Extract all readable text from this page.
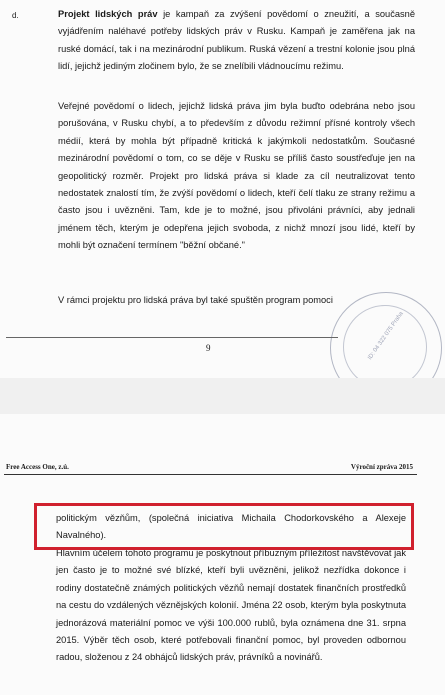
d.	Projekt lidských práv je kampaň za zvýšení povědomí o zneužití, a současně vyjádřením naléhavé potřeby lidských práv v Rusku. Kampaň je zaměřena jak na ruské domácí, tak i na mezinárodní publikum. Ruská vězení a trestní kolonie jsou plná lidí, jejichž jediným zločinem bylo, že se znelíbili vládnoucímu režimu.

Veřejné povědomí o lidech, jejichž lidská práva jim byla buďto odebrána nebo jsou porušována, v Rusku chybí, a to především z důvodu režimní přísné kontroly všech médií, která by mohla být případně kritická k jakýmkoli nedostatkům. Současné mezinárodní povědomí o tom, co se děje v Rusku se příliš často soustřeďuje jen na geopolitický rozměr. Projekt pro lidská práva si klade za cíl neutralizovat tento nedostatek znalostí tím, že zvýší povědomí o lidech, kteří čelí tlaku ze strany režimu a často jsou i uvězněni. Tam, kde je to možné, jsou přivoláni právníci, aby jednali jménem těch, kterým je odepřena jejich svoboda, z nichž mnozí jsou lidé, kteří by mohli být označení termínem "běžní občané."

V rámci projektu pro lidská práva byl také spuštěn program pomoci

ID: 04 322 075 Praha
9
Free Access One, z.ú.	Výroční zpráva 2015

politickým vězňům, (společná iniciativa Michaila Chodorkovského a Alexeje Navalného).

Hlavním účelem tohoto programu je poskytnout příbuzným příležitost navštěvovat jak jen často je to možné své blízké, kteří byli uvězněni, jelikož nezřídka dokonce i rodiny dostatečně známých politických vězňů nemají dostatek finančních prostředků na cestu do vzdálených věznějských kolonií. Jména 22 osob, kterým byla poskytnuta jednorázová materiální pomoc ve výši 100.000 rublů, byla oznámena dne 31. srpna 2015. Výběr těch osob, které potřebovali finanční pomoc, byl proveden odbornou radou, složenou z 24 obhájců lidských práv, právníků a novinářů.
